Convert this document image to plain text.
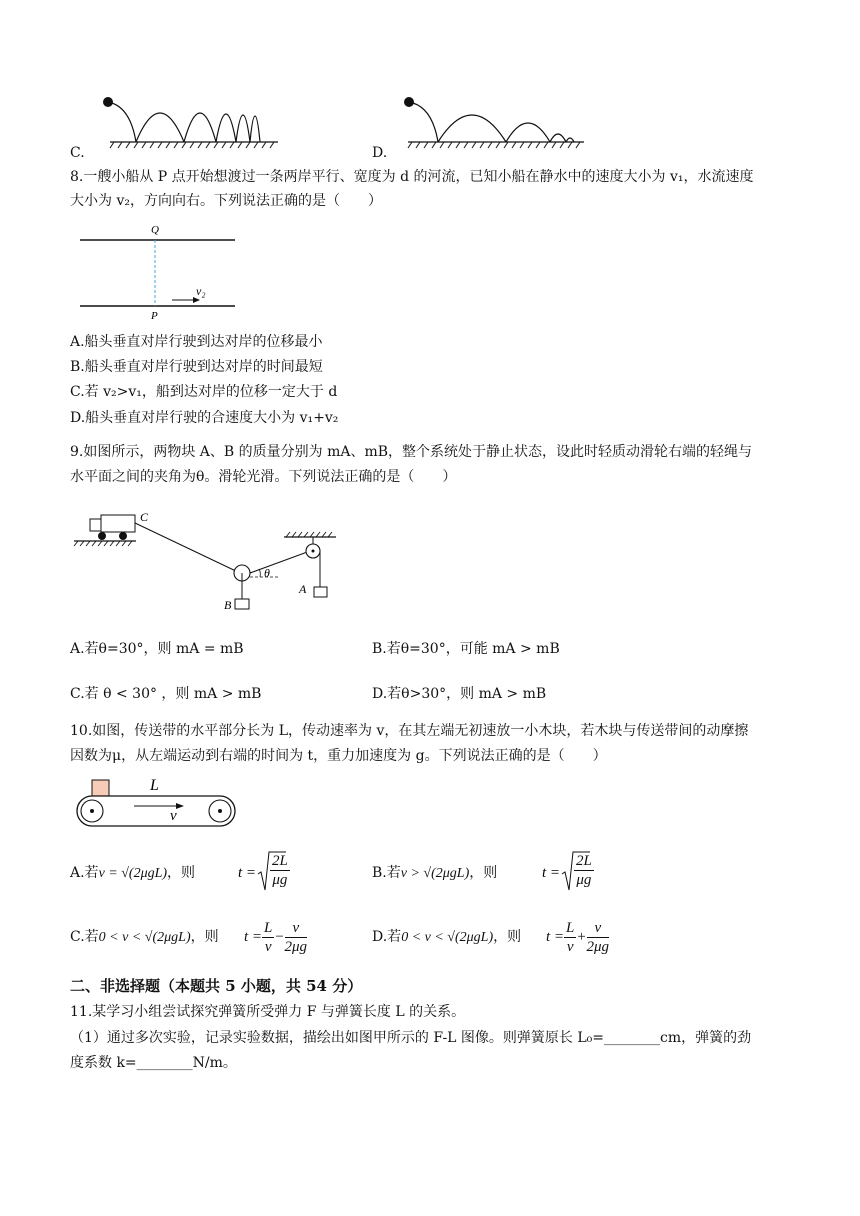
C.	D.
8.一艘小船从 P 点开始想渡过一条两岸平行、宽度为 d 的河流，已知小船在静水中的速度大小为 v₁，水流速度
大小为 v₂，方向向右。下列说法正确的是（　　）
Q
P
v₂
A.船头垂直对岸行驶到达对岸的位移最小
B.船头垂直对岸行驶到达对岸的时间最短
C.若 v₂>v₁，船到达对岸的位移一定大于 d
D.船头垂直对岸行驶的合速度大小为 v₁+v₂
9.如图所示，两物块 A、B 的质量分别为 mA、mB，整个系统处于静止状态，设此时轻质动滑轮右端的轻绳与
水平面之间的夹角为θ。滑轮光滑。下列说法正确的是（　　）
C
θ
B
A
A.若θ=30°，则 mA = mB	B.若θ=30°，可能 mA > mB
C.若 θ < 30° ，则 mA > mB	D.若θ>30°，则 mA > mB
10.如图，传送带的水平部分长为 L，传动速率为 v，在其左端无初速放一小木块，若木块与传送带间的动摩擦
因数为μ，从左端运动到右端的时间为 t，重力加速度为 g。下列说法正确的是（　　）
L
v
A.若v = √(2μgL)，则	$t = \frac{2L}{\mu g}$	B.若v > √(2μgL)，则	$t = \frac{2L}{\mu g}$
C.若0 < v < √(2μgL)，则 $t = \frac{L}{v} - \frac{v}{2\mu g}$	D.若0 < v < √(2μgL)，则 $t = \frac{L}{v} + \frac{v}{2\mu g}$
二、非选择题（本题共 5 小题，共 54 分）
11.某学习小组尝试探究弹簧所受弹力 F 与弹簧长度 L 的关系。
（1）通过多次实验，记录实验数据，描绘出如图甲所示的 F-L 图像。则弹簧原长 L₀=________cm，弹簧的劲
度系数 k=________N/m。
